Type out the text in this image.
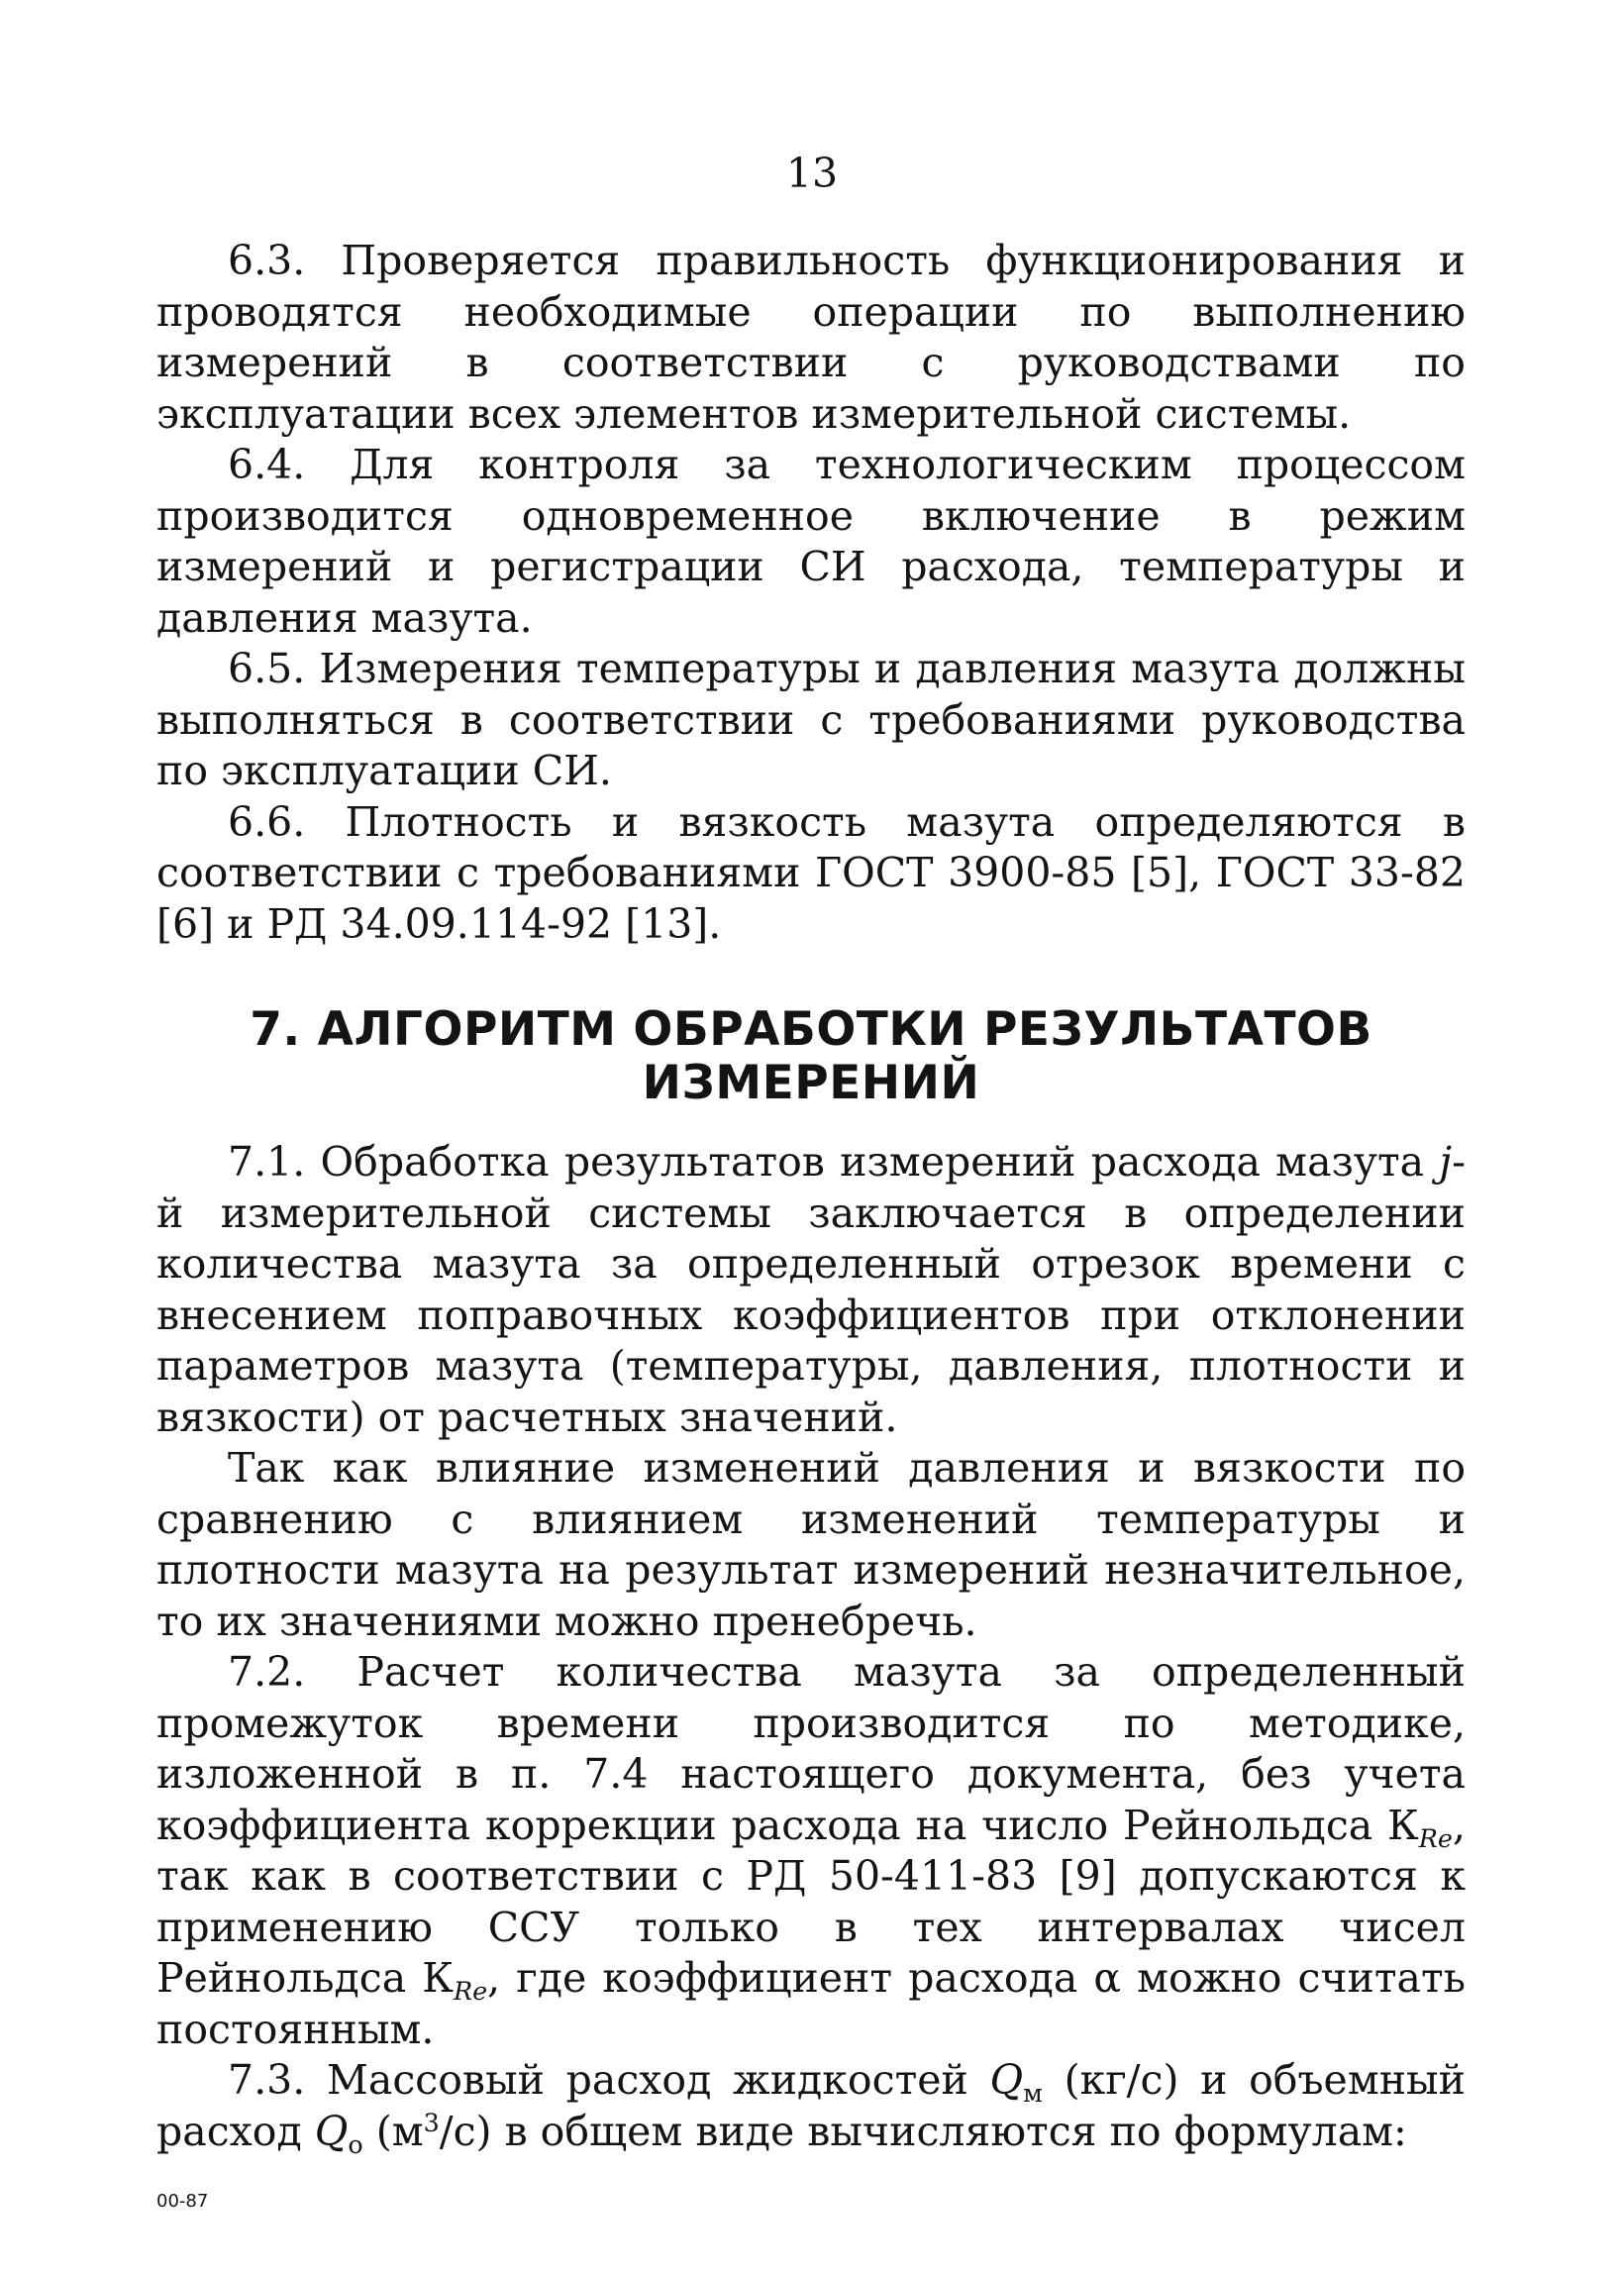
13

6.3. Проверяется правильность функционирования и проводятся необходимые операции по выполнению измерений в соответствии с руководствами по эксплуатации всех элементов измерительной системы.

6.4. Для контроля за технологическим процессом производится одновременное включение в режим измерений и регистрации СИ расхода, температуры и давления мазута.

6.5. Измерения температуры и давления мазута должны выполняться в соответствии с требованиями руководства по эксплуатации СИ.

6.6. Плотность и вязкость мазута определяются в соответствии с требованиями ГОСТ 3900-85 [5], ГОСТ 33-82 [6] и РД 34.09.114-92 [13].

7. АЛГОРИТМ ОБРАБОТКИ РЕЗУЛЬТАТОВ
ИЗМЕРЕНИЙ

7.1. Обработка результатов измерений расхода мазута j-й измерительной системы заключается в определении количества мазута за определенный отрезок времени с внесением поправочных коэффициентов при отклонении параметров мазута (температуры, давления, плотности и вязкости) от расчетных значений.

Так как влияние изменений давления и вязкости по сравнению с влиянием изменений температуры и плотности мазута на результат измерений незначительное, то их значениями можно пренебречь.

7.2. Расчет количества мазута за определенный промежуток времени производится по методике, изложенной в п. 7.4 настоящего документа, без учета коэффициента коррекции расхода на число Рейнольдса $К_{Re}$, так как в соответствии с РД 50-411-83 [9] допускаются к применению ССУ только в тех интервалах чисел Рейнольдса $К_{Re}$, где коэффициент расхода α можно считать постоянным.

7.3. Массовый расход жидкостей $Q_м$ (кг/с) и объемный расход $Q_о$ $(м^3/с)$ в общем виде вычисляются по формулам:

00-87
